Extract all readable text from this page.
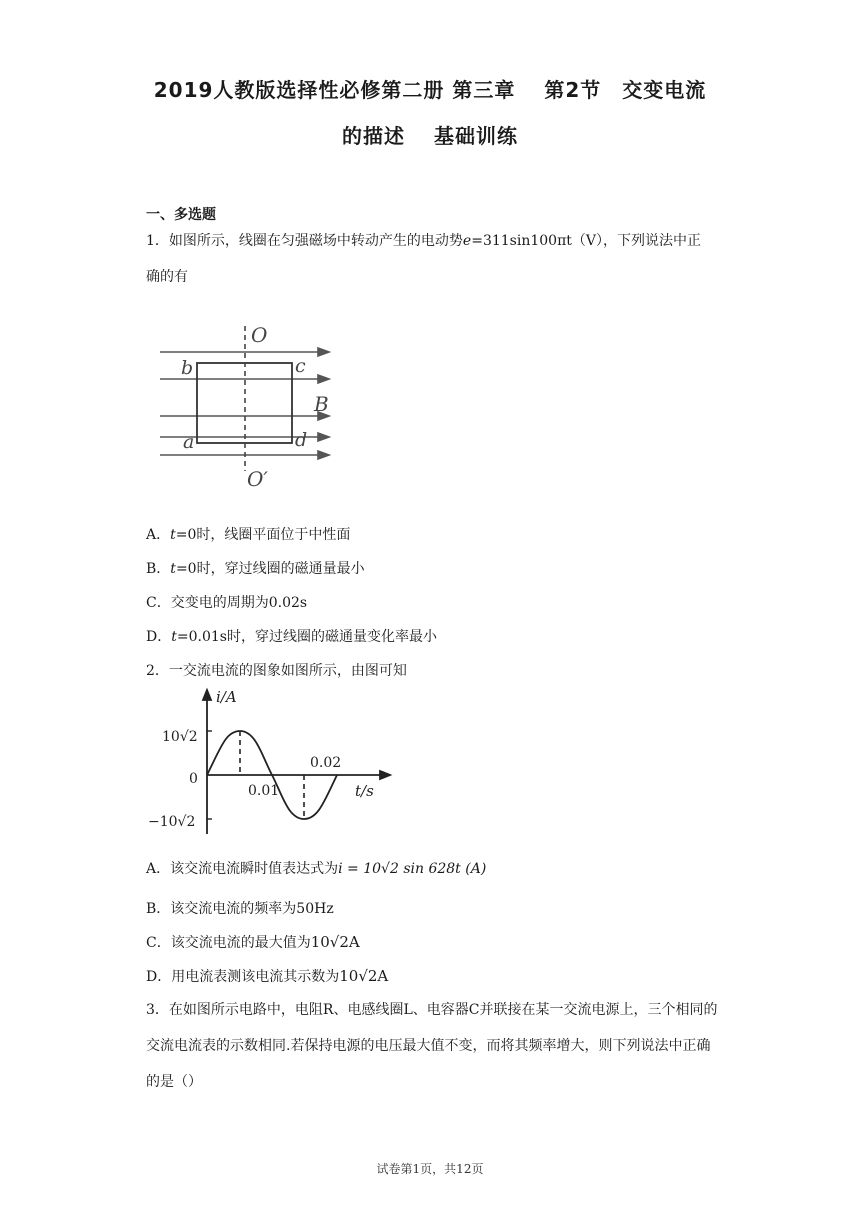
2019人教版选择性必修第二册 第三章　 第2节　交变电流
的描述　 基础训练
一、多选题
1．如图所示，线圈在匀强磁场中转动产生的电动势e=311sin100πt（V），下列说法中正
确的有
O
O′
b	c
a	d
B
A．t=0时，线圈平面位于中性面
B．t=0时，穿过线圈的磁通量最小
C．交变电的周期为0.02s
D．t=0.01s时，穿过线圈的磁通量变化率最小
2．一交流电流的图象如图所示，由图可知
i/A
t/s
10√2
0
−10√2
0.01
0.02
A．该交流电流瞬时值表达式为i = 10√2 sin 628t (A)
B．该交流电流的频率为50Hz
C．该交流电流的最大值为10√2A
D．用电流表测该电流其示数为10√2A
3．在如图所示电路中，电阻R、电感线圈L、电容器C并联接在某一交流电源上，三个相同的交流电流表的示数相同.若保持电源的电压最大值不变，而将其频率增大，则下列说法中正确的是（）
试卷第1页，共12页
